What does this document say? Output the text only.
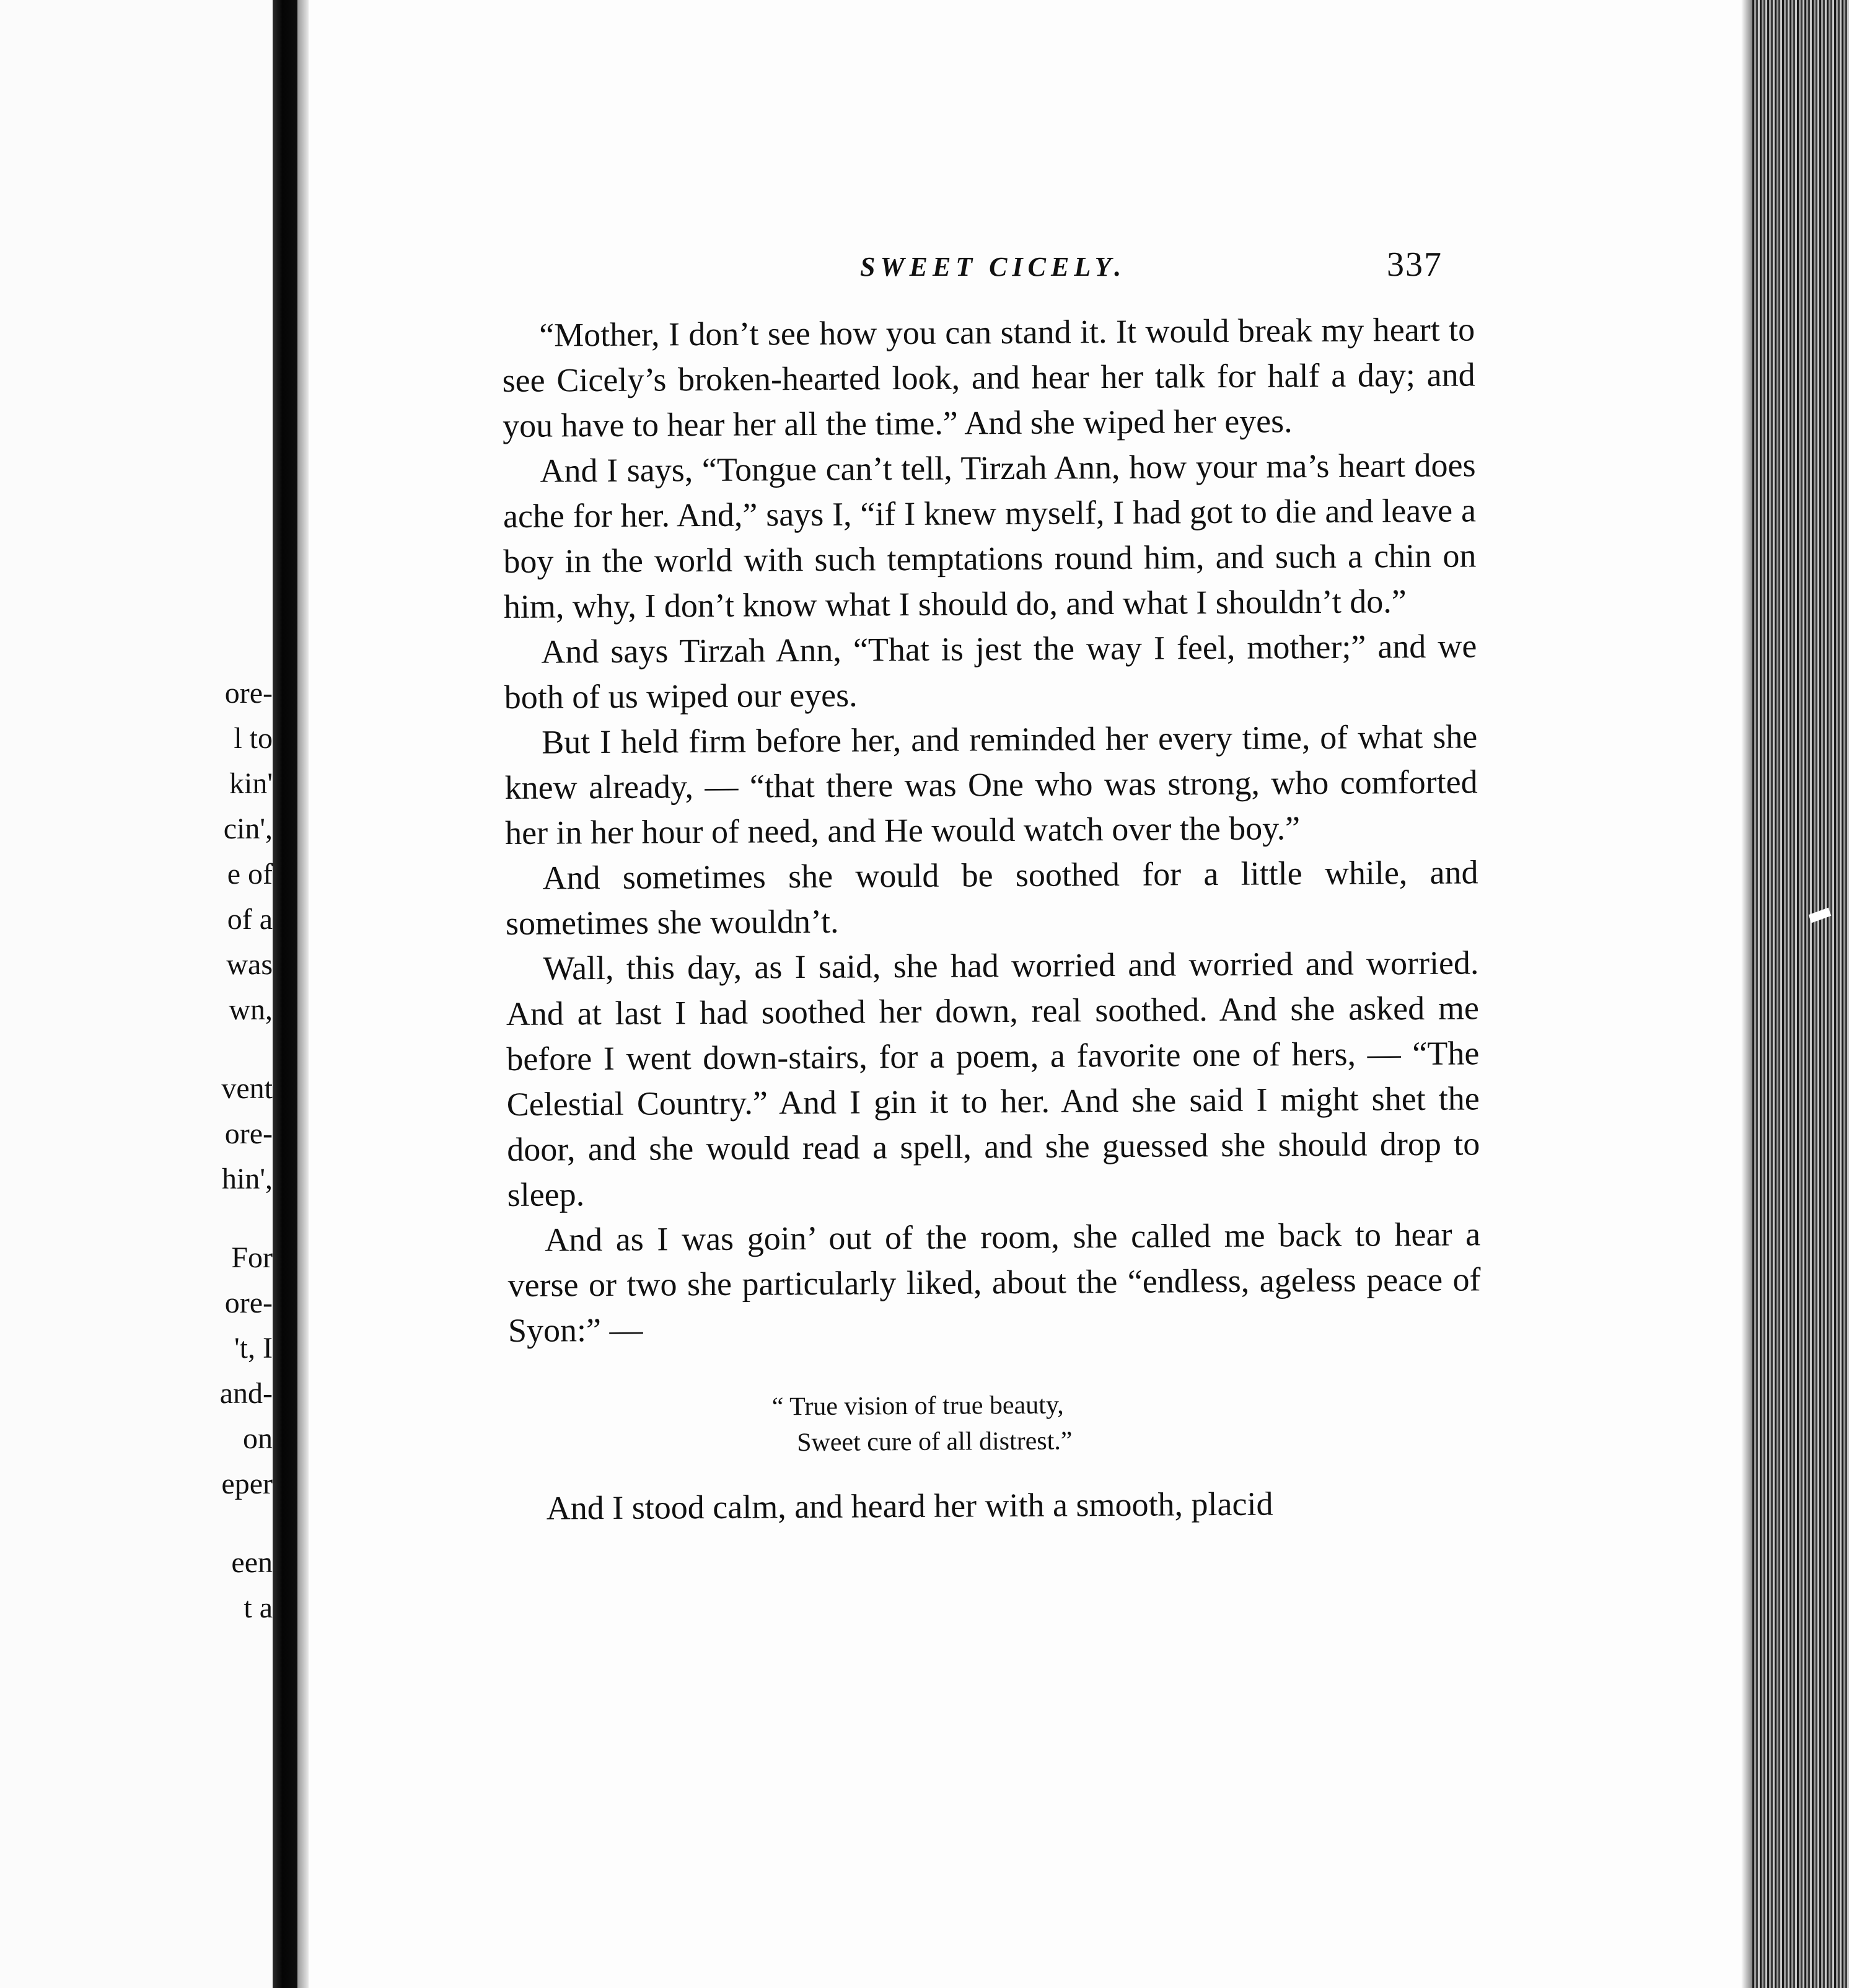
ore-
l to
kin'
cin',
e of
of a
was
wn,
vent
ore-
hin',
For
ore-
't, I
and-
on
eper
een
t a
SWEET CICELY.	337

“Mother, I don’t see how you can stand it. It would break my heart to see Cicely’s broken-hearted look, and hear her talk for half a day; and you have to hear her all the time.” And she wiped her eyes.

And I says, “Tongue can’t tell, Tirzah Ann, how your ma’s heart does ache for her. And,” says I, “if I knew myself, I had got to die and leave a boy in the world with such temptations round him, and such a chin on him, why, I don’t know what I should do, and what I shouldn’t do.”

And says Tirzah Ann, “That is jest the way I feel, mother;” and we both of us wiped our eyes.

But I held firm before her, and reminded her every time, of what she knew already, — “that there was One who was strong, who comforted her in her hour of need, and He would watch over the boy.”

And sometimes she would be soothed for a little while, and sometimes she wouldn’t.

Wall, this day, as I said, she had worried and worried and worried. And at last I had soothed her down, real soothed. And she asked me before I went down-stairs, for a poem, a favorite one of hers, — “The Celestial Country.” And I gin it to her. And she said I might shet the door, and she would read a spell, and she guessed she should drop to sleep.

And as I was goin’ out of the room, she called me back to hear a verse or two she particularly liked, about the “endless, ageless peace of Syon:” —

“ True vision of true beauty,
Sweet cure of all distrest.”

And I stood calm, and heard her with a smooth, placid
